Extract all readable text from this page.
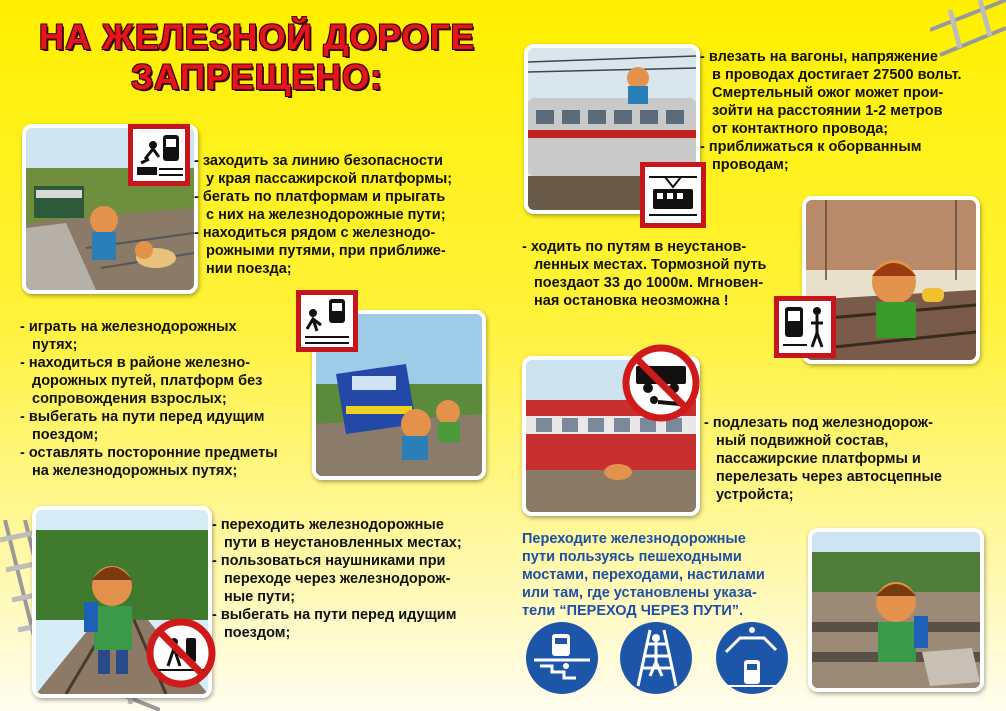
НА ЖЕЛЕЗНОЙ ДОРОГЕ
ЗАПРЕЩЕНО:
- заходить за линию безопасности
у края пассажирской платформы;
- бегать по платформам и прыгать
с них на железнодорожные пути;
- находиться рядом с железнодо-
рожными путями, при приближе-
нии поезда;
- играть на железнодорожных
путях;
- находиться в районе железно-
дорожных путей, платформ без
сопровождения взрослых;
- выбегать на пути перед идущим
поездом;
- оставлять посторонние предметы
на железнодорожных путях;
- переходить железнодорожные
пути в неустановленных местах;
- пользоваться наушниками при
переходе через железнодорож-
ные пути;
- выбегать на пути перед идущим
поездом;
- влезать на вагоны, напряжение
в проводах достигает 27500 вольт.
Смертельный ожог может прои-
зойти на расстоянии 1-2 метров
от контактного провода;
- приближаться к оборванным
проводам;
- ходить по путям в неустанов-
ленных местах. Тормозной путь
поездаот 33 до 1000м. Мгновен-
ная остановка неозможна !
- подлезать под железнодорож-
ный подвижной состав,
пассажирские платформы и
перелезать через автосцепные
устройста;
Переходите железнодорожные
пути пользуясь пешеходными
мостами, переходами, настилами
или там, где установлены указа-
тели “ПЕРЕХОД ЧЕРЕЗ ПУТИ”.
